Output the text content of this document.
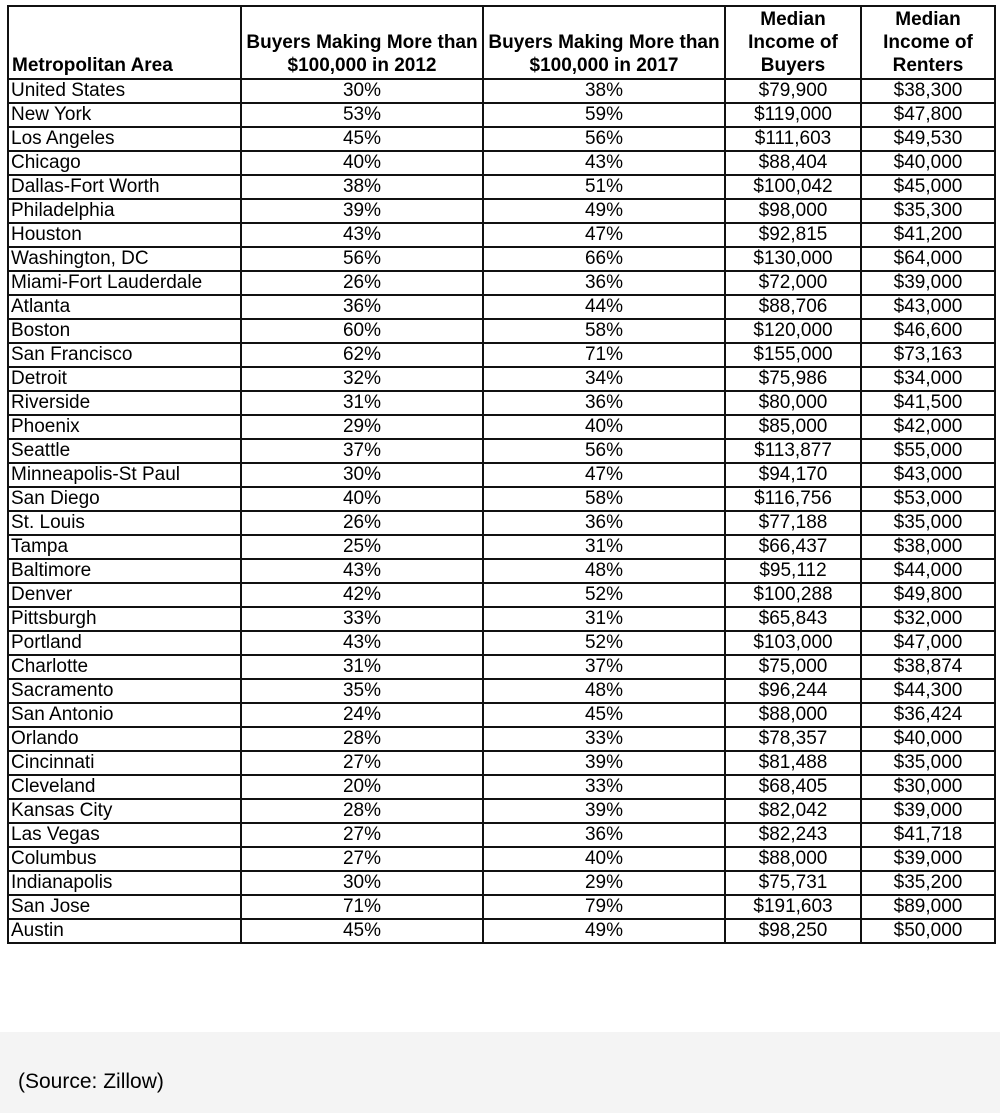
Metropolitan Area	Buyers Making More than $100,000 in 2012	Buyers Making More than $100,000 in 2017	Median Income of Buyers	Median Income of Renters
United States	30%	38%	$79,900	$38,300
New York	53%	59%	$119,000	$47,800
Los Angeles	45%	56%	$111,603	$49,530
Chicago	40%	43%	$88,404	$40,000
Dallas-Fort Worth	38%	51%	$100,042	$45,000
Philadelphia	39%	49%	$98,000	$35,300
Houston	43%	47%	$92,815	$41,200
Washington, DC	56%	66%	$130,000	$64,000
Miami-Fort Lauderdale	26%	36%	$72,000	$39,000
Atlanta	36%	44%	$88,706	$43,000
Boston	60%	58%	$120,000	$46,600
San Francisco	62%	71%	$155,000	$73,163
Detroit	32%	34%	$75,986	$34,000
Riverside	31%	36%	$80,000	$41,500
Phoenix	29%	40%	$85,000	$42,000
Seattle	37%	56%	$113,877	$55,000
Minneapolis-St Paul	30%	47%	$94,170	$43,000
San Diego	40%	58%	$116,756	$53,000
St. Louis	26%	36%	$77,188	$35,000
Tampa	25%	31%	$66,437	$38,000
Baltimore	43%	48%	$95,112	$44,000
Denver	42%	52%	$100,288	$49,800
Pittsburgh	33%	31%	$65,843	$32,000
Portland	43%	52%	$103,000	$47,000
Charlotte	31%	37%	$75,000	$38,874
Sacramento	35%	48%	$96,244	$44,300
San Antonio	24%	45%	$88,000	$36,424
Orlando	28%	33%	$78,357	$40,000
Cincinnati	27%	39%	$81,488	$35,000
Cleveland	20%	33%	$68,405	$30,000
Kansas City	28%	39%	$82,042	$39,000
Las Vegas	27%	36%	$82,243	$41,718
Columbus	27%	40%	$88,000	$39,000
Indianapolis	30%	29%	$75,731	$35,200
San Jose	71%	79%	$191,603	$89,000
Austin	45%	49%	$98,250	$50,000
(Source: Zillow)
